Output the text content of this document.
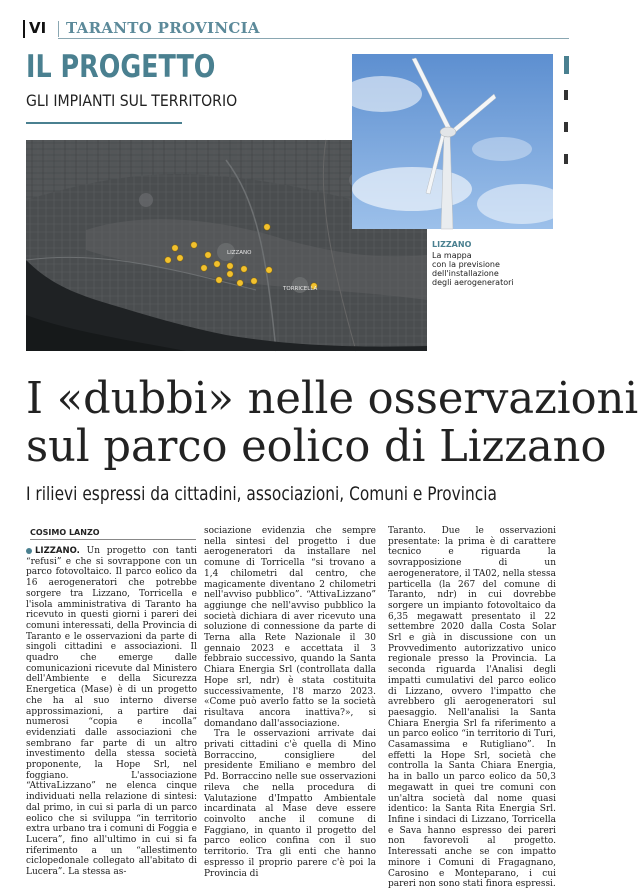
VI TARANTO PROVINCIA
IL PROGETTO
GLI IMPIANTI SUL TERRITORIO
LIZZANO
TORRICELLA
LIZZANO
La mappa
con la previsione
dell'installazione
degli aerogeneratori
I «dubbi» nelle osservazioni
sul parco eolico di Lizzano
I rilievi espressi da cittadini, associazioni, Comuni e Provincia
COSIMO LANZO

LIZZANO. Un progetto con tanti “refusi” e che si sovrappone con un parco fotovoltaico. Il parco eolico da 16 aerogeneratori che potrebbe sorgere tra Lizzano, Torricella e l'isola amministrativa di Taranto ha ricevuto in questi giorni i pareri dei comuni interessati, della Provincia di Taranto e le osservazioni da parte di singoli cittadini e associazioni. Il quadro che emerge dalle comunicazioni ricevute dal Ministero dell'Ambiente e della Sicurezza Energetica (Mase) è di un progetto che ha al suo interno diverse approssimazioni, a partire dai numerosi “copia e incolla” evidenziati dalle associazioni che sembrano far parte di un altro investimento della stessa società proponente, la Hope Srl, nel foggiano. L'associazione “AttivaLizzano” ne elenca cinque individuati nella relazione di sintesi: dal primo, in cui si parla di un parco eolico che si sviluppa “in territorio extra urbano tra i comuni di Foggia e Lucera”, fino all'ultimo in cui si fa riferimento a un “allestimento ciclopedonale collegato all'abitato di Lucera”. La stessa as-

sociazione evidenzia che sempre nella sintesi del progetto i due aerogeneratori da installare nel comune di Torricella “si trovano a 1,4 chilometri dal centro, che magicamente diventano 2 chilometri nell'avviso pubblico”. “AttivaLizzano” aggiunge che nell'avviso pubblico la società dichiara di aver ricevuto una soluzione di connessione da parte di Terna alla Rete Nazionale il 30 gennaio 2023 e accettata il 3 febbraio successivo, quando la Santa Chiara Energia Srl (controllata dalla Hope srl, ndr) è stata costituita successivamente, l'8 marzo 2023. «Come può averlo fatto se la società risultava ancora inattiva?», si domandano dall'associazione.

Tra le osservazioni arrivate dai privati cittadini c'è quella di Mino Borraccino, consigliere del presidente Emiliano e membro del Pd. Borraccino nelle sue osservazioni rileva che nella procedura di Valutazione d'Impatto Ambientale incardinata al Mase deve essere coinvolto anche il comune di Faggiano, in quanto il progetto del parco eolico confina con il suo territorio. Tra gli enti che hanno espresso il proprio parere c'è poi la Provincia di

Taranto. Due le osservazioni presentate: la prima è di carattere tecnico e riguarda la sovrapposizione di un aerogeneratore, il TA02, nella stessa particella (la 267 del comune di Taranto, ndr) in cui dovrebbe sorgere un impianto fotovoltaico da 6,35 megawatt presentato il 22 settembre 2020 dalla Costa Solar Srl e già in discussione con un Provvedimento autorizzativo unico regionale presso la Provincia. La seconda riguarda l'Analisi degli impatti cumulativi del parco eolico di Lizzano, ovvero l'impatto che avrebbero gli aerogeneratori sul paesaggio. Nell'analisi la Santa Chiara Energia Srl fa riferimento a un parco eolico “in territorio di Turi, Casamassima e Rutigliano”. In effetti la Hope Srl, società che controlla la Santa Chiara Energia, ha in ballo un parco eolico da 50,3 megawatt in quei tre comuni con un'altra società dal nome quasi identico: la Santa Rita Energia Srl. Infine i sindaci di Lizzano, Torricella e Sava hanno espresso dei pareri non favorevoli al progetto. Interessati anche se con impatto minore i Comuni di Fragagnano, Carosino e Monteparano, i cui pareri non sono stati finora espressi.
